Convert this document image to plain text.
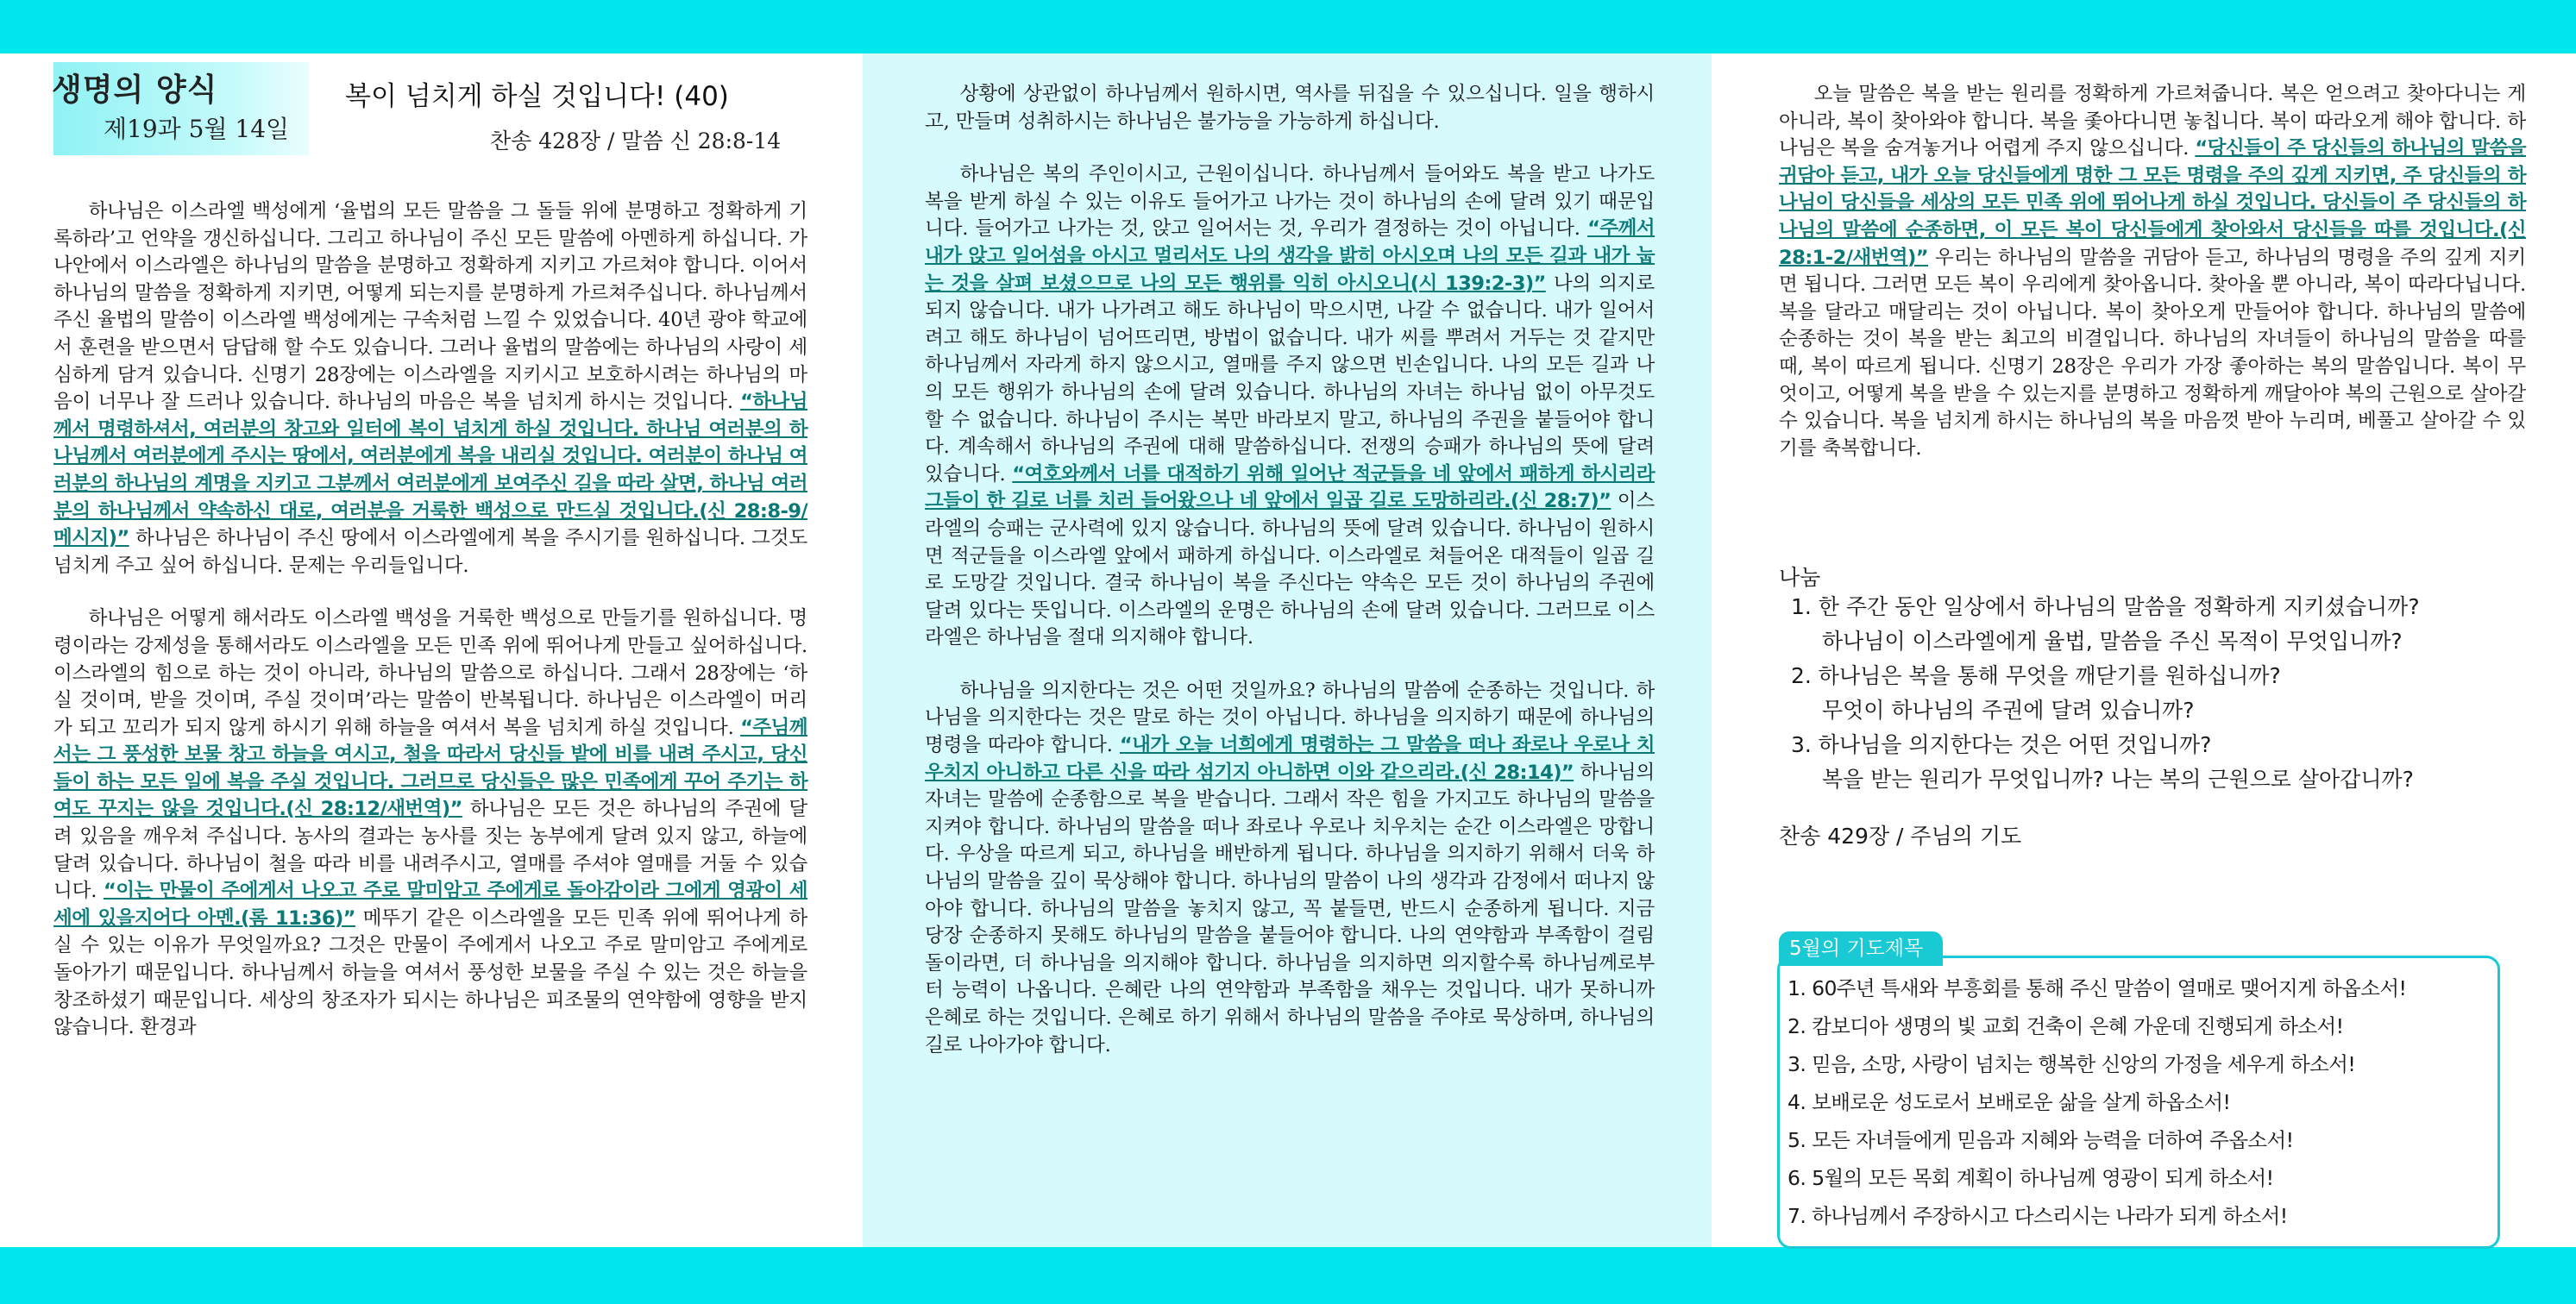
생명의 양식
제19과 5월 14일
복이 넘치게 하실 것입니다! (40)
찬송 428장 / 말씀 신 28:8-14

하나님은 이스라엘 백성에게 ‘율법의 모든 말씀을 그 돌들 위에 분명하고 정확하게 기록하라’고 언약을 갱신하십니다. 그리고 하나님이 주신 모든 말씀에 아멘하게 하십니다. 가나안에서 이스라엘은 하나님의 말씀을 분명하고 정확하게 지키고 가르쳐야 합니다. 이어서 하나님의 말씀을 정확하게 지키면, 어떻게 되는지를 분명하게 가르쳐주십니다. 하나님께서 주신 율법의 말씀이 이스라엘 백성에게는 구속처럼 느낄 수 있었습니다. 40년 광야 학교에서 훈련을 받으면서 담답해 할 수도 있습니다. 그러나 율법의 말씀에는 하나님의 사랑이 세심하게 담겨 있습니다. 신명기 28장에는 이스라엘을 지키시고 보호하시려는 하나님의 마음이 너무나 잘 드러나 있습니다. 하나님의 마음은 복을 넘치게 하시는 것입니다. “하나님께서 명령하셔서, 여러분의 창고와 일터에 복이 넘치게 하실 것입니다. 하나님 여러분의 하나님께서 여러분에게 주시는 땅에서, 여러분에게 복을 내리실 것입니다. 여러분이 하나님 여러분의 하나님의 계명을 지키고 그분께서 여러분에게 보여주신 길을 따라 살면, 하나님 여러분의 하나님께서 약속하신 대로, 여러분을 거룩한 백성으로 만드실 것입니다.(신 28:8-9/메시지)” 하나님은 하나님이 주신 땅에서 이스라엘에게 복을 주시기를 원하십니다. 그것도 넘치게 주고 싶어 하십니다. 문제는 우리들입니다.

하나님은 어떻게 해서라도 이스라엘 백성을 거룩한 백성으로 만들기를 원하십니다. 명령이라는 강제성을 통해서라도 이스라엘을 모든 민족 위에 뛰어나게 만들고 싶어하십니다. 이스라엘의 힘으로 하는 것이 아니라, 하나님의 말씀으로 하십니다. 그래서 28장에는 ‘하실 것이며, 받을 것이며, 주실 것이며’라는 말씀이 반복됩니다. 하나님은 이스라엘이 머리가 되고 꼬리가 되지 않게 하시기 위해 하늘을 여셔서 복을 넘치게 하실 것입니다. “주님께서는 그 풍성한 보물 창고 하늘을 여시고, 철을 따라서 당신들 밭에 비를 내려 주시고, 당신들이 하는 모든 일에 복을 주실 것입니다. 그러므로 당신들은 많은 민족에게 꾸어 주기는 하여도 꾸지는 않을 것입니다.(신 28:12/새번역)” 하나님은 모든 것은 하나님의 주권에 달려 있음을 깨우쳐 주십니다. 농사의 결과는 농사를 짓는 농부에게 달려 있지 않고, 하늘에 달려 있습니다. 하나님이 철을 따라 비를 내려주시고, 열매를 주셔야 열매를 거둘 수 있습니다. “이는 만물이 주에게서 나오고 주로 말미암고 주에게로 돌아감이라 그에게 영광이 세세에 있을지어다 아멘.(롬 11:36)” 메뚜기 같은 이스라엘을 모든 민족 위에 뛰어나게 하실 수 있는 이유가 무엇일까요? 그것은 만물이 주에게서 나오고 주로 말미암고 주에게로 돌아가기 때문입니다. 하나님께서 하늘을 여셔서 풍성한 보물을 주실 수 있는 것은 하늘을 창조하셨기 때문입니다. 세상의 창조자가 되시는 하나님은 피조물의 연약함에 영향을 받지 않습니다. 환경과

상황에 상관없이 하나님께서 원하시면, 역사를 뒤집을 수 있으십니다. 일을 행하시고, 만들며 성취하시는 하나님은 불가능을 가능하게 하십니다.

하나님은 복의 주인이시고, 근원이십니다. 하나님께서 들어와도 복을 받고 나가도 복을 받게 하실 수 있는 이유도 들어가고 나가는 것이 하나님의 손에 달려 있기 때문입니다. 들어가고 나가는 것, 앉고 일어서는 것, 우리가 결정하는 것이 아닙니다. “주께서 내가 앉고 일어섬을 아시고 멀리서도 나의 생각을 밝히 아시오며 나의 모든 길과 내가 눕는 것을 살펴 보셨으므로 나의 모든 행위를 익히 아시오니(시 139:2-3)” 나의 의지로 되지 않습니다. 내가 나가려고 해도 하나님이 막으시면, 나갈 수 없습니다. 내가 일어서려고 해도 하나님이 넘어뜨리면, 방법이 없습니다. 내가 씨를 뿌려서 거두는 것 같지만 하나님께서 자라게 하지 않으시고, 열매를 주지 않으면 빈손입니다. 나의 모든 길과 나의 모든 행위가 하나님의 손에 달려 있습니다. 하나님의 자녀는 하나님 없이 아무것도 할 수 없습니다. 하나님이 주시는 복만 바라보지 말고, 하나님의 주권을 붙들어야 합니다. 계속해서 하나님의 주권에 대해 말씀하십니다. 전쟁의 승패가 하나님의 뜻에 달려 있습니다. “여호와께서 너를 대적하기 위해 일어난 적군들을 네 앞에서 패하게 하시리라 그들이 한 길로 너를 치러 들어왔으나 네 앞에서 일곱 길로 도망하리라.(신 28:7)” 이스라엘의 승패는 군사력에 있지 않습니다. 하나님의 뜻에 달려 있습니다. 하나님이 원하시면 적군들을 이스라엘 앞에서 패하게 하십니다. 이스라엘로 쳐들어온 대적들이 일곱 길로 도망갈 것입니다. 결국 하나님이 복을 주신다는 약속은 모든 것이 하나님의 주권에 달려 있다는 뜻입니다. 이스라엘의 운명은 하나님의 손에 달려 있습니다. 그러므로 이스라엘은 하나님을 절대 의지해야 합니다.

하나님을 의지한다는 것은 어떤 것일까요? 하나님의 말씀에 순종하는 것입니다. 하나님을 의지한다는 것은 말로 하는 것이 아닙니다. 하나님을 의지하기 때문에 하나님의 명령을 따라야 합니다. “내가 오늘 너희에게 명령하는 그 말씀을 떠나 좌로나 우로나 치우치지 아니하고 다른 신을 따라 섬기지 아니하면 이와 같으리라.(신 28:14)” 하나님의 자녀는 말씀에 순종함으로 복을 받습니다. 그래서 작은 힘을 가지고도 하나님의 말씀을 지켜야 합니다. 하나님의 말씀을 떠나 좌로나 우로나 치우치는 순간 이스라엘은 망합니다. 우상을 따르게 되고, 하나님을 배반하게 됩니다. 하나님을 의지하기 위해서 더욱 하나님의 말씀을 깊이 묵상해야 합니다. 하나님의 말씀이 나의 생각과 감정에서 떠나지 않아야 합니다. 하나님의 말씀을 놓치지 않고, 꼭 붙들면, 반드시 순종하게 됩니다. 지금 당장 순종하지 못해도 하나님의 말씀을 붙들어야 합니다. 나의 연약함과 부족함이 걸림돌이라면, 더 하나님을 의지해야 합니다. 하나님을 의지하면 의지할수록 하나님께로부터 능력이 나옵니다. 은혜란 나의 연약함과 부족함을 채우는 것입니다. 내가 못하니까 은혜로 하는 것입니다. 은혜로 하기 위해서 하나님의 말씀을 주야로 묵상하며, 하나님의 길로 나아가야 합니다.

오늘 말씀은 복을 받는 원리를 정확하게 가르쳐줍니다. 복은 얻으려고 찾아다니는 게 아니라, 복이 찾아와야 합니다. 복을 좇아다니면 놓칩니다. 복이 따라오게 해야 합니다. 하나님은 복을 숨겨놓거나 어렵게 주지 않으십니다. “당신들이 주 당신들의 하나님의 말씀을 귀담아 듣고, 내가 오늘 당신들에게 명한 그 모든 명령을 주의 깊게 지키면, 주 당신들의 하나님이 당신들을 세상의 모든 민족 위에 뛰어나게 하실 것입니다. 당신들이 주 당신들의 하나님의 말씀에 순종하면, 이 모든 복이 당신들에게 찾아와서 당신들을 따를 것입니다.(신 28:1-2/새번역)” 우리는 하나님의 말씀을 귀담아 듣고, 하나님의 명령을 주의 깊게 지키면 됩니다. 그러면 모든 복이 우리에게 찾아옵니다. 찾아올 뿐 아니라, 복이 따라다닙니다. 복을 달라고 매달리는 것이 아닙니다. 복이 찾아오게 만들어야 합니다. 하나님의 말씀에 순종하는 것이 복을 받는 최고의 비결입니다. 하나님의 자녀들이 하나님의 말씀을 따를 때, 복이 따르게 됩니다. 신명기 28장은 우리가 가장 좋아하는 복의 말씀입니다. 복이 무엇이고, 어떻게 복을 받을 수 있는지를 분명하고 정확하게 깨달아야 복의 근원으로 살아갈 수 있습니다. 복을 넘치게 하시는 하나님의 복을 마음껏 받아 누리며, 베풀고 살아갈 수 있기를 축복합니다.

나눔
1. 한 주간 동안 일상에서 하나님의 말씀을 정확하게 지키셨습니까?
하나님이 이스라엘에게 율법, 말씀을 주신 목적이 무엇입니까?
2. 하나님은 복을 통해 무엇을 깨닫기를 원하십니까?
무엇이 하나님의 주권에 달려 있습니까?
3. 하나님을 의지한다는 것은 어떤 것입니까?
복을 받는 원리가 무엇입니까? 나는 복의 근원으로 살아갑니까?
찬송 429장 / 주님의 기도
5월의 기도제목
1. 60주년 특새와 부흥회를 통해 주신 말씀이 열매로 맺어지게 하옵소서!
2. 캄보디아 생명의 빛 교회 건축이 은혜 가운데 진행되게 하소서!
3. 믿음, 소망, 사랑이 넘치는 행복한 신앙의 가정을 세우게 하소서!
4. 보배로운 성도로서 보배로운 삶을 살게 하옵소서!
5. 모든 자녀들에게 믿음과 지혜와 능력을 더하여 주옵소서!
6. 5월의 모든 목회 계획이 하나님께 영광이 되게 하소서!
7. 하나님께서 주장하시고 다스리시는 나라가 되게 하소서!
